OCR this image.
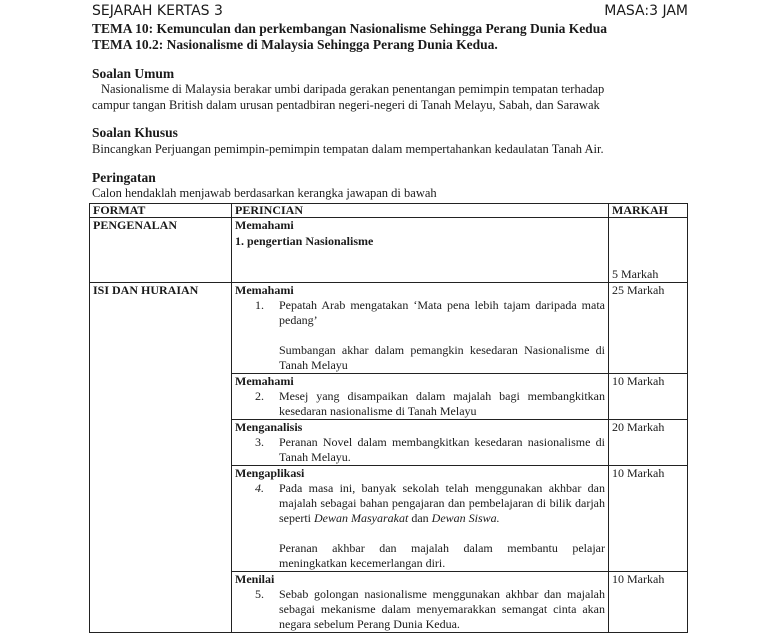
SEJARAH KERTAS 3	MASA:3 JAM
TEMA 10: Kemunculan dan perkembangan Nasionalisme Sehingga Perang Dunia Kedua
TEMA 10.2: Nasionalisme di Malaysia Sehingga Perang Dunia Kedua.
Soalan Umum
Nasionalisme di Malaysia berakar umbi daripada gerakan penentangan pemimpin tempatan terhadap
campur tangan British dalam urusan pentadbiran negeri-negeri di Tanah Melayu, Sabah, dan Sarawak
Soalan Khusus
Bincangkan Perjuangan pemimpin-pemimpin tempatan dalam mempertahankan kedaulatan Tanah Air.
Peringatan
Calon hendaklah menjawab berdasarkan kerangka jawapan di bawah
FORMAT	PERINCIAN	MARKAH
PENGENALAN	Memahami
1. pengertian Nasionalisme	5 Markah
ISI DAN HURAIAN	Memahami
1. Pepatah Arab mengatakan ‘Mata pena lebih tajam daripada mata pedang’
Sumbangan akhar dalam pemangkin kesedaran Nasionalisme di Tanah Melayu	25 Markah

	Memahami
2. Mesej yang disampaikan dalam majalah bagi membangkitkan kesedaran nasionalisme di Tanah Melayu	10 Markah

	Menganalisis
3. Peranan Novel dalam membangkitkan kesedaran nasionalisme di Tanah Melayu.	20 Markah

	Mengaplikasi
4. Pada masa ini, banyak sekolah telah menggunakan akhbar dan majalah sebagai bahan pengajaran dan pembelajaran di bilik darjah seperti Dewan Masyarakat dan Dewan Siswa.
Peranan akhbar dan majalah dalam membantu pelajar meningkatkan kecemerlangan diri.	10 Markah

	Menilai
5. Sebab golongan nasionalisme menggunakan akhbar dan majalah sebagai mekanisme dalam menyemarakkan semangat cinta akan negara sebelum Perang Dunia Kedua.	10 Markah
